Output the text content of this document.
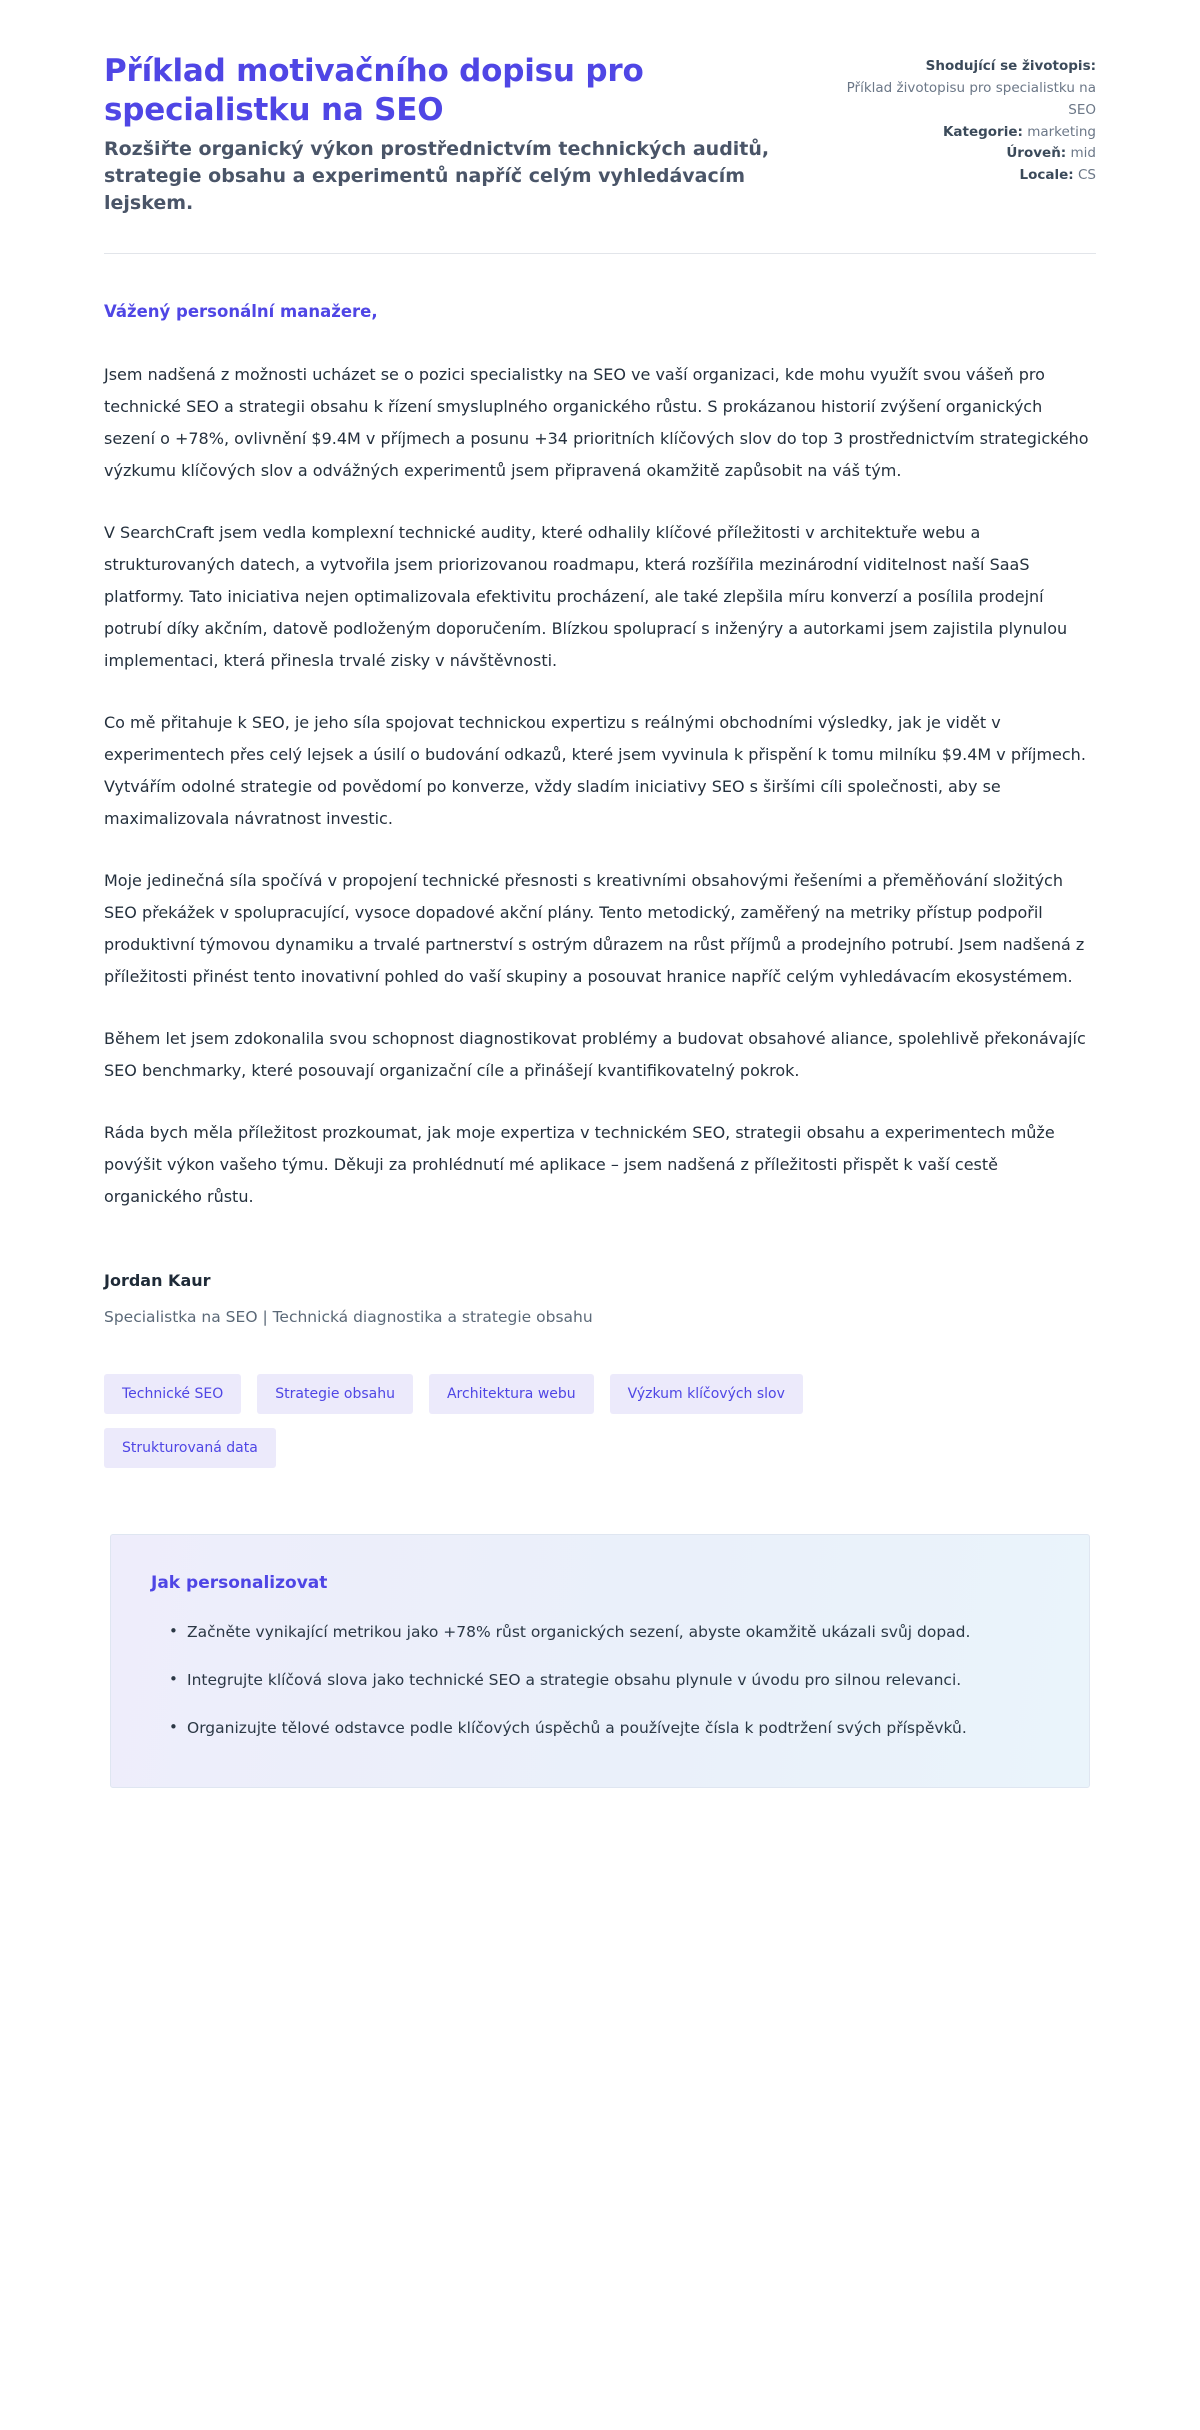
Příklad motivačního dopisu pro specialistku na SEO

Rozšiřte organický výkon prostřednictvím technických auditů, strategie obsahu a experimentů napříč celým vyhledávacím lejskem.

Shodující se životopis:
Příklad životopisu pro specialistku na SEO
Kategorie: marketing
Úroveň: mid
Locale: CS

Vážený personální manažere,

Jsem nadšená z možnosti ucházet se o pozici specialistky na SEO ve vaší organizaci, kde mohu využít svou vášeň pro technické SEO a strategii obsahu k řízení smysluplného organického růstu. S prokázanou historií zvýšení organických sezení o +78%, ovlivnění $9.4M v příjmech a posunu +34 prioritních klíčových slov do top 3 prostřednictvím strategického výzkumu klíčových slov a odvážných experimentů jsem připravená okamžitě zapůsobit na váš tým.

V SearchCraft jsem vedla komplexní technické audity, které odhalily klíčové příležitosti v architektuře webu a strukturovaných datech, a vytvořila jsem priorizovanou roadmapu, která rozšířila mezinárodní viditelnost naší SaaS platformy. Tato iniciativa nejen optimalizovala efektivitu procházení, ale také zlepšila míru konverzí a posílila prodejní potrubí díky akčním, datově podloženým doporučením. Blízkou spoluprací s inženýry a autorkami jsem zajistila plynulou implementaci, která přinesla trvalé zisky v návštěvnosti.

Co mě přitahuje k SEO, je jeho síla spojovat technickou expertizu s reálnými obchodními výsledky, jak je vidět v experimentech přes celý lejsek a úsilí o budování odkazů, které jsem vyvinula k přispění k tomu milníku $9.4M v příjmech. Vytvářím odolné strategie od povědomí po konverze, vždy sladím iniciativy SEO s širšími cíli společnosti, aby se maximalizovala návratnost investic.

Moje jedinečná síla spočívá v propojení technické přesnosti s kreativními obsahovými řešeními a přeměňování složitých SEO překážek v spolupracující, vysoce dopadové akční plány. Tento metodický, zaměřený na metriky přístup podpořil produktivní týmovou dynamiku a trvalé partnerství s ostrým důrazem na růst příjmů a prodejního potrubí. Jsem nadšená z příležitosti přinést tento inovativní pohled do vaší skupiny a posouvat hranice napříč celým vyhledávacím ekosystémem.

Během let jsem zdokonalila svou schopnost diagnostikovat problémy a budovat obsahové aliance, spolehlivě překonávajíc SEO benchmarky, které posouvají organizační cíle a přinášejí kvantifikovatelný pokrok.

Ráda bych měla příležitost prozkoumat, jak moje expertiza v technickém SEO, strategii obsahu a experimentech může povýšit výkon vašeho týmu. Děkuji za prohlédnutí mé aplikace – jsem nadšená z příležitosti přispět k vaší cestě organického růstu.

Jordan Kaur

Specialistka na SEO | Technická diagnostika a strategie obsahu

Technické SEO	Strategie obsahu	Architektura webu	Výzkum klíčových slov
Strukturovaná data

Jak personalizovat

• Začněte vynikající metrikou jako +78% růst organických sezení, abyste okamžitě ukázali svůj dopad.
• Integrujte klíčová slova jako technické SEO a strategie obsahu plynule v úvodu pro silnou relevanci.
• Organizujte tělové odstavce podle klíčových úspěchů a používejte čísla k podtržení svých příspěvků.
